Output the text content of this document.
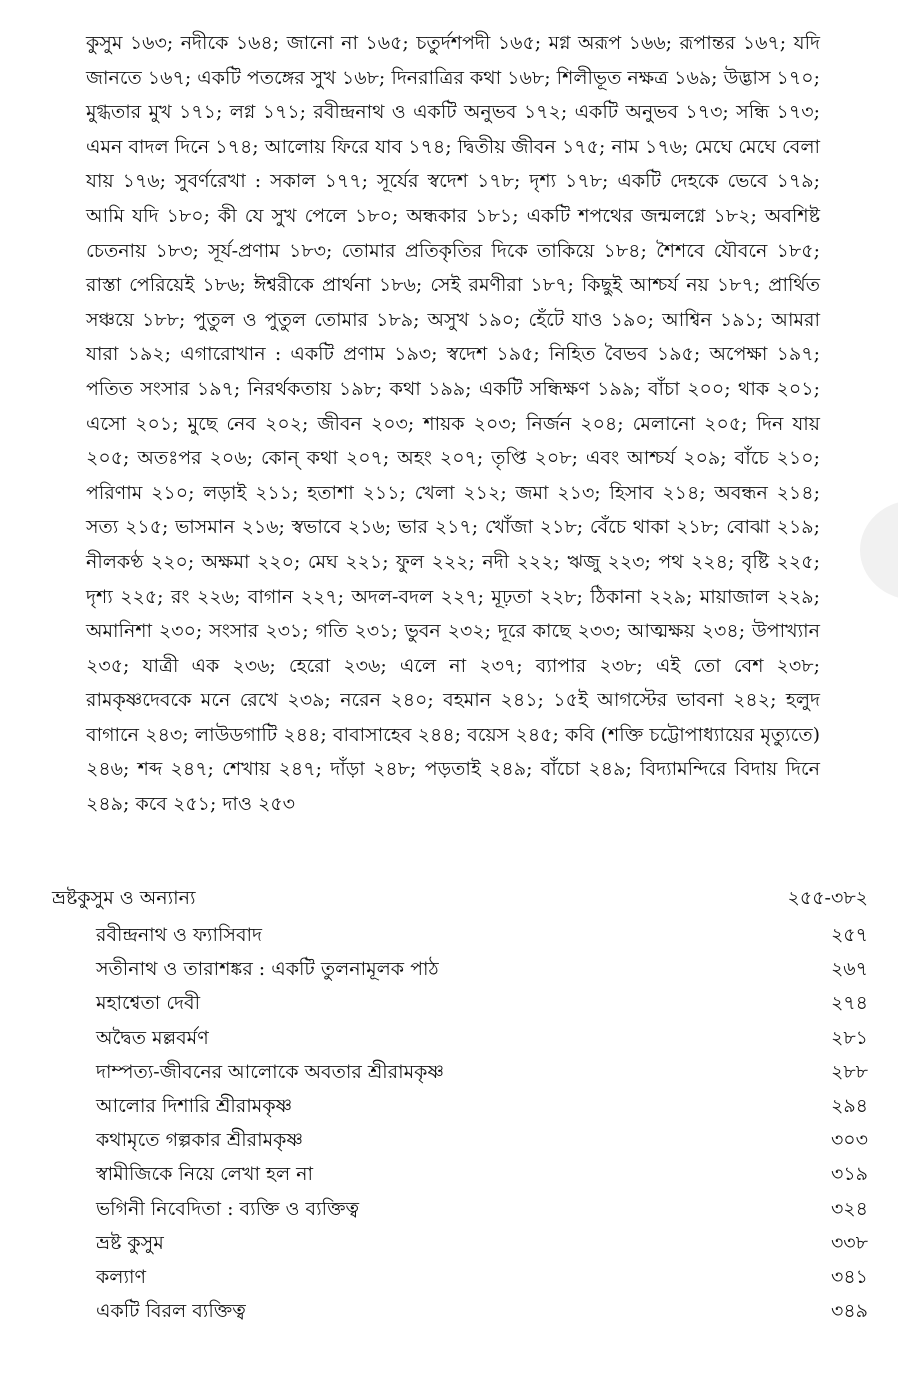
কুসুম ১৬৩; নদীকে ১৬৪; জানো না ১৬৫; চতুর্দশপদী ১৬৫; মগ্ন অরূপ ১৬৬; রূপান্তর ১৬৭; যদি জানতে ১৬৭; একটি পতঙ্গের সুখ ১৬৮; দিনরাত্রির কথা ১৬৮; শিলীভূত নক্ষত্র ১৬৯; উদ্ভাস ১৭০; মুগ্ধতার মুখ ১৭১; লগ্ন ১৭১; রবীন্দ্রনাথ ও একটি অনুভব ১৭২; একটি অনুভব ১৭৩; সন্ধি ১৭৩; এমন বাদল দিনে ১৭৪; আলোয় ফিরে যাব ১৭৪; দ্বিতীয় জীবন ১৭৫; নাম ১৭৬; মেঘে মেঘে বেলা যায় ১৭৬; সুবর্ণরেখা : সকাল ১৭৭; সূর্যের স্বদেশ ১৭৮; দৃশ্য ১৭৮; একটি দেহকে ভেবে ১৭৯; আমি যদি ১৮০; কী যে সুখ পেলে ১৮০; অন্ধকার ১৮১; একটি শপথের জন্মলগ্নে ১৮২; অবশিষ্ট চেতনায় ১৮৩; সূর্য-প্রণাম ১৮৩; তোমার প্রতিকৃতির দিকে তাকিয়ে ১৮৪; শৈশবে যৌবনে ১৮৫; রাস্তা পেরিয়েই ১৮৬; ঈশ্বরীকে প্রার্থনা ১৮৬; সেই রমণীরা ১৮৭; কিছুই আশ্চর্য নয় ১৮৭; প্রার্থিত সঞ্চয়ে ১৮৮; পুতুল ও পুতুল তোমার ১৮৯; অসুখ ১৯০; হেঁটে যাও ১৯০; আশ্বিন ১৯১; আমরা যারা ১৯২; এগারোখান : একটি প্রণাম ১৯৩; স্বদেশ ১৯৫; নিহিত বৈভব ১৯৫; অপেক্ষা ১৯৭; পতিত সংসার ১৯৭; নিরর্থকতায় ১৯৮; কথা ১৯৯; একটি সন্ধিক্ষণ ১৯৯; বাঁচা ২০০; থাক ২০১; এসো ২০১; মুছে নেব ২০২; জীবন ২০৩; শায়ক ২০৩; নির্জন ২০৪; মেলানো ২০৫; দিন যায় ২০৫; অতঃপর ২০৬; কোন্ কথা ২০৭; অহং ২০৭; তৃপ্তি ২০৮; এবং আশ্চর্য ২০৯; বাঁচে ২১০; পরিণাম ২১০; লড়াই ২১১; হতাশা ২১১; খেলা ২১২; জমা ২১৩; হিসাব ২১৪; অবন্ধন ২১৪; সত্য ২১৫; ভাসমান ২১৬; স্বভাবে ২১৬; ভার ২১৭; খোঁজা ২১৮; বেঁচে থাকা ২১৮; বোঝা ২১৯; নীলকণ্ঠ ২২০; অক্ষমা ২২০; মেঘ ২২১; ফুল ২২২; নদী ২২২; ঋজু ২২৩; পথ ২২৪; বৃষ্টি ২২৫; দৃশ্য ২২৫; রং ২২৬; বাগান ২২৭; অদল-বদল ২২৭; মূঢ়তা ২২৮; ঠিকানা ২২৯; মায়াজাল ২২৯; অমানিশা ২৩০; সংসার ২৩১; গতি ২৩১; ভুবন ২৩২; দূরে কাছে ২৩৩; আত্মক্ষয় ২৩৪; উপাখ্যান ২৩৫; যাত্রী এক ২৩৬; হেরো ২৩৬; এলে না ২৩৭; ব্যাপার ২৩৮; এই তো বেশ ২৩৮; রামকৃষ্ণদেবকে মনে রেখে ২৩৯; নরেন ২৪০; বহমান ২৪১; ১৫ই আগস্টের ভাবনা ২৪২; হলুদ বাগানে ২৪৩; লাউডগাটি ২৪৪; বাবাসাহেব ২৪৪; বয়েস ২৪৫; কবি (শক্তি চট্টোপাধ্যায়ের মৃত্যুতে) ২৪৬; শব্দ ২৪৭; শেখায় ২৪৭; দাঁড়া ২৪৮; পড়তাই ২৪৯; বাঁচো ২৪৯; বিদ্যামন্দিরে বিদায় দিনে ২৪৯; কবে ২৫১; দাও ২৫৩

ভ্রষ্টকুসুম ও অন্যান্য	২৫৫-৩৮২
রবীন্দ্রনাথ ও ফ্যাসিবাদ	২৫৭
সতীনাথ ও তারাশঙ্কর : একটি তুলনামূলক পাঠ	২৬৭
মহাশ্বেতা দেবী	২৭৪
অদ্বৈত মল্লবর্মণ	২৮১
দাম্পত্য-জীবনের আলোকে অবতার শ্রীরামকৃষ্ণ	২৮৮
আলোর দিশারি শ্রীরামকৃষ্ণ	২৯৪
কথামৃতে গল্পকার শ্রীরামকৃষ্ণ	৩০৩
স্বামীজিকে নিয়ে লেখা হল না	৩১৯
ভগিনী নিবেদিতা : ব্যক্তি ও ব্যক্তিত্ব	৩২৪
ভ্রষ্ট কুসুম	৩৩৮
কল্যাণ	৩৪১
একটি বিরল ব্যক্তিত্ব	৩৪৯
